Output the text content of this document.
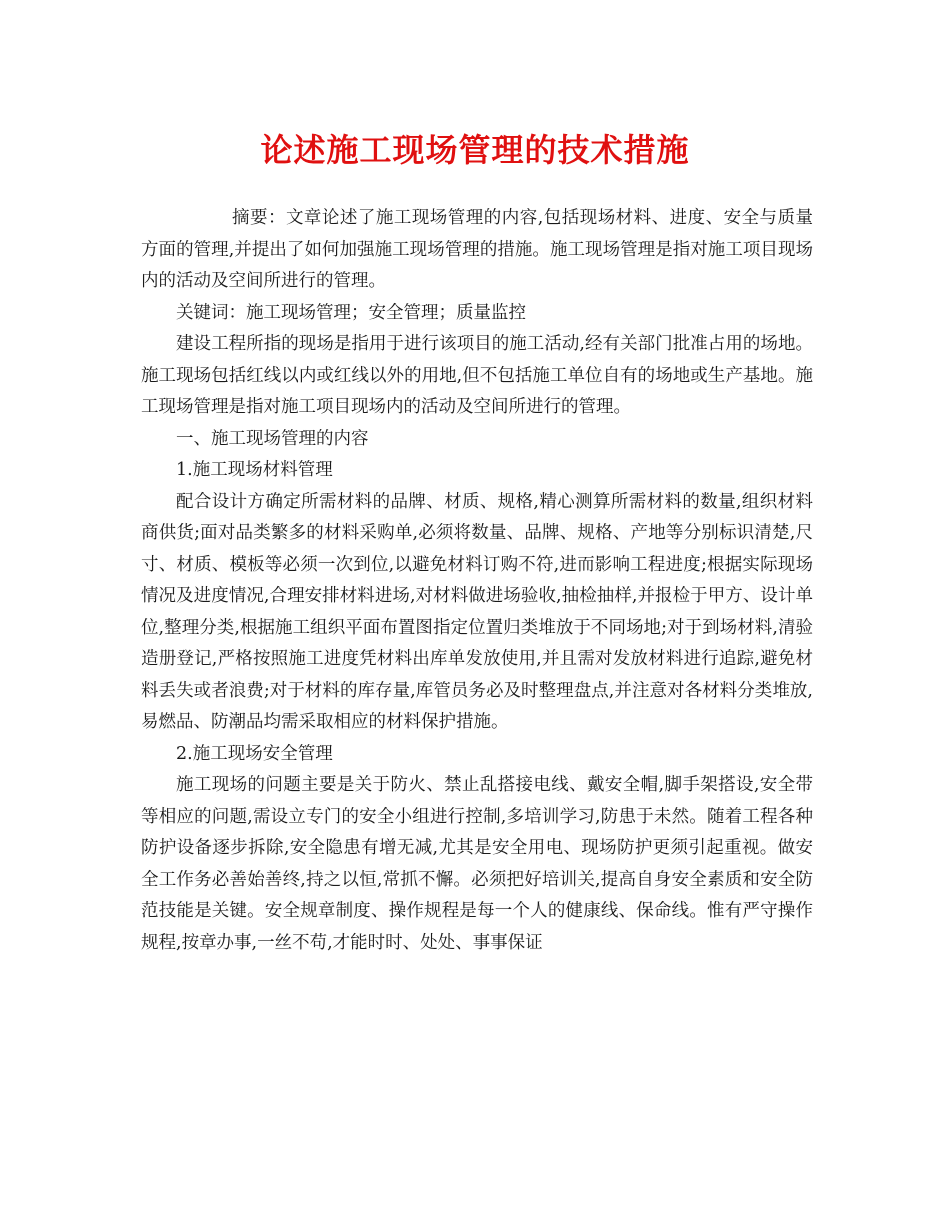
论述施工现场管理的技术措施

摘要：文章论述了施工现场管理的内容,包括现场材料、进度、安全与质量方面的管理,并提出了如何加强施工现场管理的措施。施工现场管理是指对施工项目现场内的活动及空间所进行的管理。

关键词：施工现场管理；安全管理；质量监控

建设工程所指的现场是指用于进行该项目的施工活动,经有关部门批准占用的场地。施工现场包括红线以内或红线以外的用地,但不包括施工单位自有的场地或生产基地。施工现场管理是指对施工项目现场内的活动及空间所进行的管理。

一、施工现场管理的内容

1.施工现场材料管理

配合设计方确定所需材料的品牌、材质、规格,精心测算所需材料的数量,组织材料商供货;面对品类繁多的材料采购单,必须将数量、品牌、规格、产地等分别标识清楚,尺寸、材质、模板等必须一次到位,以避免材料订购不符,进而影响工程进度;根据实际现场情况及进度情况,合理安排材料进场,对材料做进场验收,抽检抽样,并报检于甲方、设计单位,整理分类,根据施工组织平面布置图指定位置归类堆放于不同场地;对于到场材料,清验造册登记,严格按照施工进度凭材料出库单发放使用,并且需对发放材料进行追踪,避免材料丢失或者浪费;对于材料的库存量,库管员务必及时整理盘点,并注意对各材料分类堆放,易燃品、防潮品均需采取相应的材料保护措施。

2.施工现场安全管理

施工现场的问题主要是关于防火、禁止乱搭接电线、戴安全帽,脚手架搭设,安全带等相应的问题,需设立专门的安全小组进行控制,多培训学习,防患于未然。随着工程各种防护设备逐步拆除,安全隐患有增无减,尤其是安全用电、现场防护更须引起重视。做安全工作务必善始善终,持之以恒,常抓不懈。必须把好培训关,提高自身安全素质和安全防范技能是关键。安全规章制度、操作规程是每一个人的健康线、保命线。惟有严守操作规程,按章办事,一丝不苟,才能时时、处处、事事保证
